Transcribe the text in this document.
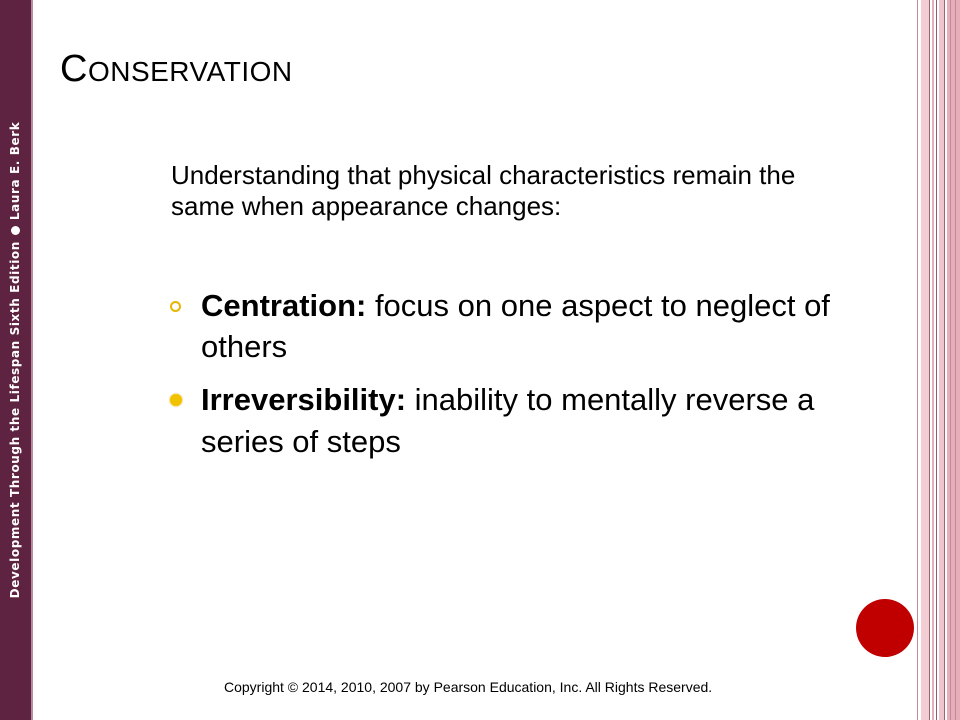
Development Through the Lifespan Sixth EditionLaura E. Berk
CONSERVATION

Understanding that physical characteristics remain the same when appearance changes:

Centration: focus on one aspect to neglect of others
Irreversibility: inability to mentally reverse a series of steps

Copyright © 2014, 2010, 2007 by Pearson Education, Inc. All Rights Reserved.
